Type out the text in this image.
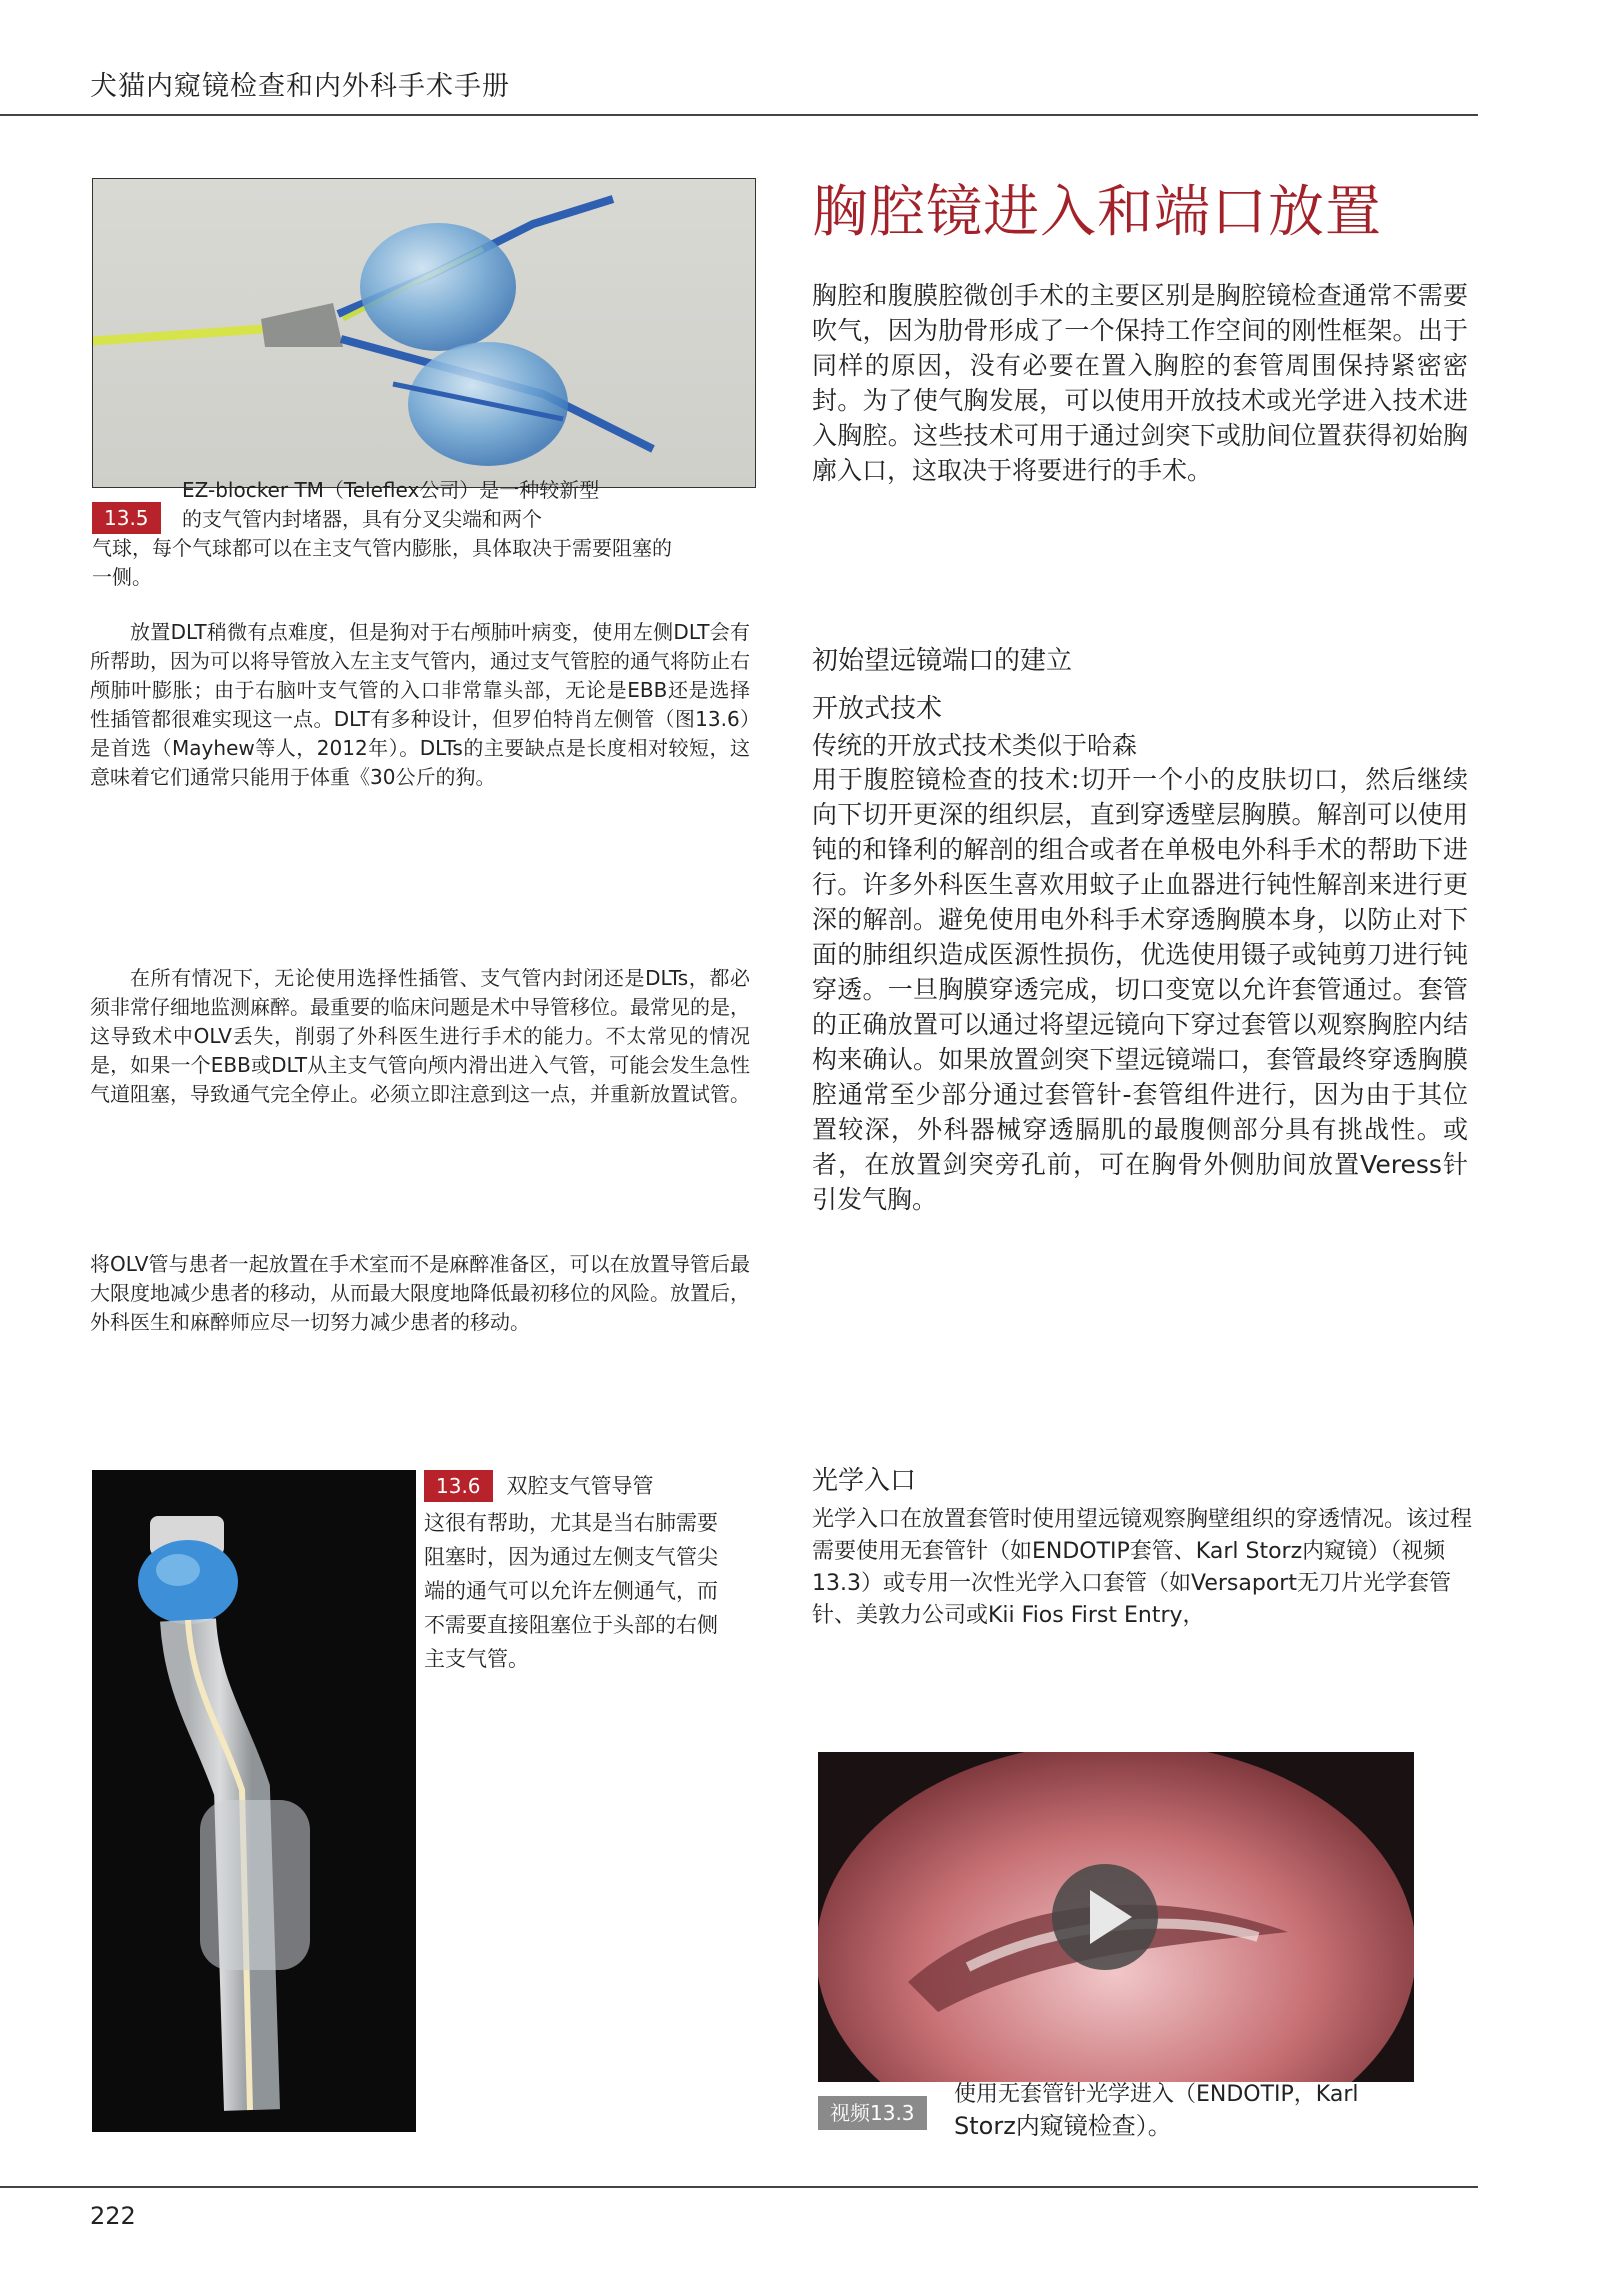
犬猫内窥镜检查和内外科手术手册
13.5
EZ-blocker TM（Teleflex公司）是一种较新型
的支气管内封堵器，具有分叉尖端和两个
气球，每个气球都可以在主支气管内膨胀，具体取决于需要阻塞的一侧。

放置DLT稍微有点难度，但是狗对于右颅肺叶病变，使用左侧DLT会有所帮助，因为可以将导管放入左主支气管内，通过支气管腔的通气将防止右颅肺叶膨胀；由于右脑叶支气管的入口非常靠头部，无论是EBB还是选择性插管都很难实现这一点。DLT有多种设计，但罗伯特肖左侧管（图13.6）是首选（Mayhew等人，2012年）。DLTs的主要缺点是长度相对较短，这意味着它们通常只能用于体重《30公斤的狗。

在所有情况下，无论使用选择性插管、支气管内封闭还是DLTs，都必须非常仔细地监测麻醉。最重要的临床问题是术中导管移位。最常见的是，这导致术中OLV丢失，削弱了外科医生进行手术的能力。不太常见的情况是，如果一个EBB或DLT从主支气管向颅内滑出进入气管，可能会发生急性气道阻塞，导致通气完全停止。必须立即注意到这一点，并重新放置试管。

将OLV管与患者一起放置在手术室而不是麻醉准备区，可以在放置导管后最大限度地减少患者的移动，从而最大限度地降低最初移位的风险。放置后，外科医生和麻醉师应尽一切努力减少患者的移动。

13.6	双腔支气管导管
这很有帮助，尤其是当右肺需要阻塞时，因为通过左侧支气管尖端的通气可以允许左侧通气，而不需要直接阻塞位于头部的右侧主支气管。
胸腔镜进入和端口放置

胸腔和腹膜腔微创手术的主要区别是胸腔镜检查通常不需要吹气，因为肋骨形成了一个保持工作空间的刚性框架。出于同样的原因，没有必要在置入胸腔的套管周围保持紧密密封。为了使气胸发展，可以使用开放技术或光学进入技术进入胸腔。这些技术可用于通过剑突下或肋间位置获得初始胸廓入口，这取决于将要进行的手术。

初始望远镜端口的建立
开放式技术
传统的开放式技术类似于哈森

用于腹腔镜检查的技术:切开一个小的皮肤切口，然后继续向下切开更深的组织层，直到穿透壁层胸膜。解剖可以使用钝的和锋利的解剖的组合或者在单极电外科手术的帮助下进行。许多外科医生喜欢用蚊子止血器进行钝性解剖来进行更深的解剖。避免使用电外科手术穿透胸膜本身，以防止对下面的肺组织造成医源性损伤，优选使用镊子或钝剪刀进行钝穿透。一旦胸膜穿透完成，切口变宽以允许套管通过。套管的正确放置可以通过将望远镜向下穿过套管以观察胸腔内结构来确认。如果放置剑突下望远镜端口，套管最终穿透胸膜腔通常至少部分通过套管针-套管组件进行，因为由于其位置较深，外科器械穿透膈肌的最腹侧部分具有挑战性。或者，在放置剑突旁孔前，可在胸骨外侧肋间放置Veress针引发气胸。

光学入口

光学入口在放置套管时使用望远镜观察胸壁组织的穿透情况。该过程需要使用无套管针（如ENDOTIP套管、Karl Storz内窥镜）（视频13.3）或专用一次性光学入口套管（如Versaport无刀片光学套管针、美敦力公司或Kii Fios First Entry，

视频13.3
使用无套管针光学进入（ENDOTIP，Karl
Storz内窥镜检查）。
222
